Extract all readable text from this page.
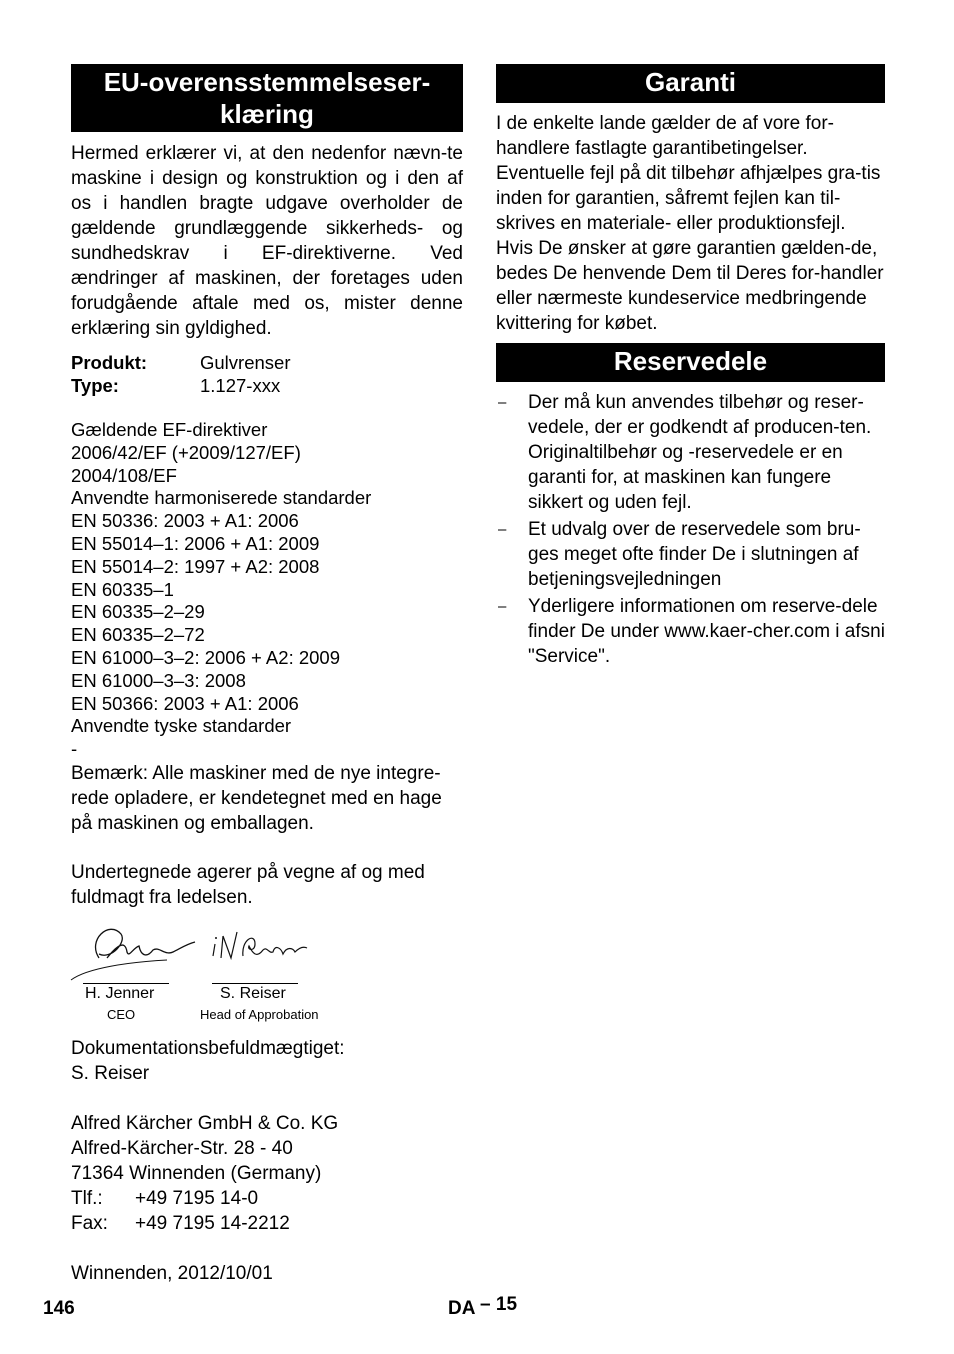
EU-overensstemmelseser-
klæring

Hermed erklærer vi, at den nedenfor nævn-te maskine i design og konstruktion og i den af os i handlen bragte udgave overholder de gældende grundlæggende sikkerheds- og sundhedskrav i EF-direktiverne. Ved ændringer af maskinen, der foretages uden forudgående aftale med os, mister denne erklæring sin gyldighed.

Produkt:	Gulvrenser

Type:	1.127-xxx

Gældende EF-direktiver

2006/42/EF (+2009/127/EF)

2004/108/EF

Anvendte harmoniserede standarder

EN 50336: 2003 + A1: 2006

EN 55014–1: 2006 + A1: 2009

EN 55014–2: 1997 + A2: 2008

EN 60335–1

EN 60335–2–29

EN 60335–2–72

EN 61000–3–2: 2006 + A2: 2009

EN 61000–3–3: 2008

EN 50366: 2003 + A1: 2006

Anvendte tyske standarder

-

Bemærk: Alle maskiner med de nye integre-rede opladere, er kendetegnet med en hage på maskinen og emballagen.

Undertegnede agerer på vegne af og med fuldmagt fra ledelsen.

H. Jenner
CEO
S. Reiser
Head of Approbation

Dokumentationsbefuldmægtiget:

S. Reiser

Alfred Kärcher GmbH & Co. KG

Alfred-Kärcher-Str. 28 - 40

71364 Winnenden (Germany)

Tlf.: +49 7195 14-0

Fax: +49 7195 14-2212

Winnenden, 2012/10/01

Garanti

I de enkelte lande gælder de af vore for-handlere fastlagte garantibetingelser. Eventuelle fejl på dit tilbehør afhjælpes gra-tis inden for garantien, såfremt fejlen kan til-skrives en materiale- eller produktionsfejl. Hvis De ønsker at gøre garantien gælden-de, bedes De henvende Dem til Deres for-handler eller nærmeste kundeservice medbringende kvittering for købet.

Reservedele
– Der må kun anvendes tilbehør og reser-vedele, der er godkendt af producen-ten. Originaltilbehør og -reservedele er en garanti for, at maskinen kan fungere sikkert og uden fejl.
– Et udvalg over de reservedele som bru-ges meget ofte finder De i slutningen af betjeningsvejledningen
– Yderligere informationen om reserve-dele finder De under www.kaer-cher.com i afsni "Service".
146	DA – 15
